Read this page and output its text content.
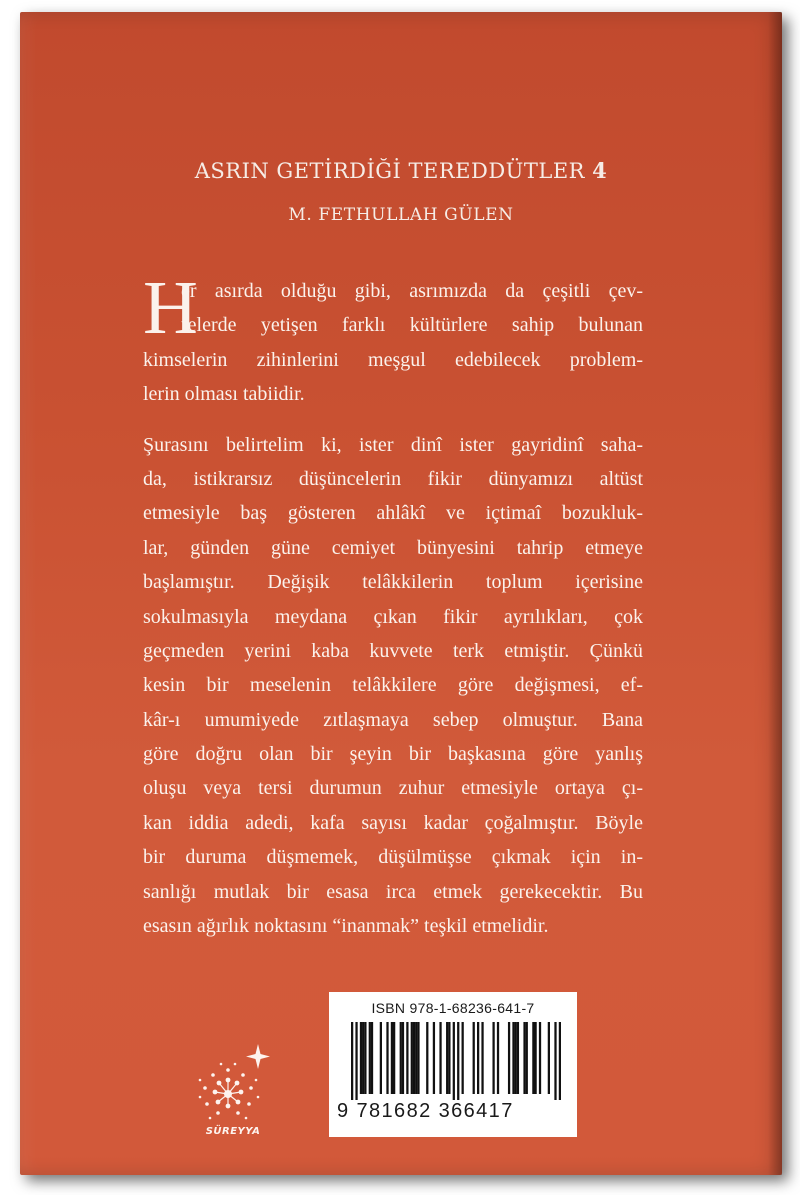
ASRIN GETİRDİĞİ TEREDDÜTLER 4
M. FETHULLAH GÜLEN
H
er asırda olduğu gibi, asrımızda da çeşitli çev-
relerde yetişen farklı kültürlere sahip bulunan
kimselerin zihinlerini meşgul edebilecek problem-
lerin olması tabiidir.
Şurasını belirtelim ki, ister dinî ister gayridinî saha-
da, istikrarsız düşüncelerin fikir dünyamızı altüst
etmesiyle baş gösteren ahlâkî ve içtimaî bozukluk-
lar, günden güne cemiyet bünyesini tahrip etmeye
başlamıştır. Değişik telâkkilerin toplum içerisine
sokulmasıyla meydana çıkan fikir ayrılıkları, çok
geçmeden yerini kaba kuvvete terk etmiştir. Çünkü
kesin bir meselenin telâkkilere göre değişmesi, ef-
kâr-ı umumiyede zıtlaşmaya sebep olmuştur. Bana
göre doğru olan bir şeyin bir başkasına göre yanlış
oluşu veya tersi durumun zuhur etmesiyle ortaya çı-
kan iddia adedi, kafa sayısı kadar çoğalmıştır. Böyle
bir duruma düşmemek, düşülmüşse çıkmak için in-
sanlığı mutlak bir esasa irca etmek gerekecektir. Bu
esasın ağırlık noktasını “inanmak” teşkil etmelidir.
SÜREYYA
ISBN 978-1-68236-641-7
9 781682 366417
